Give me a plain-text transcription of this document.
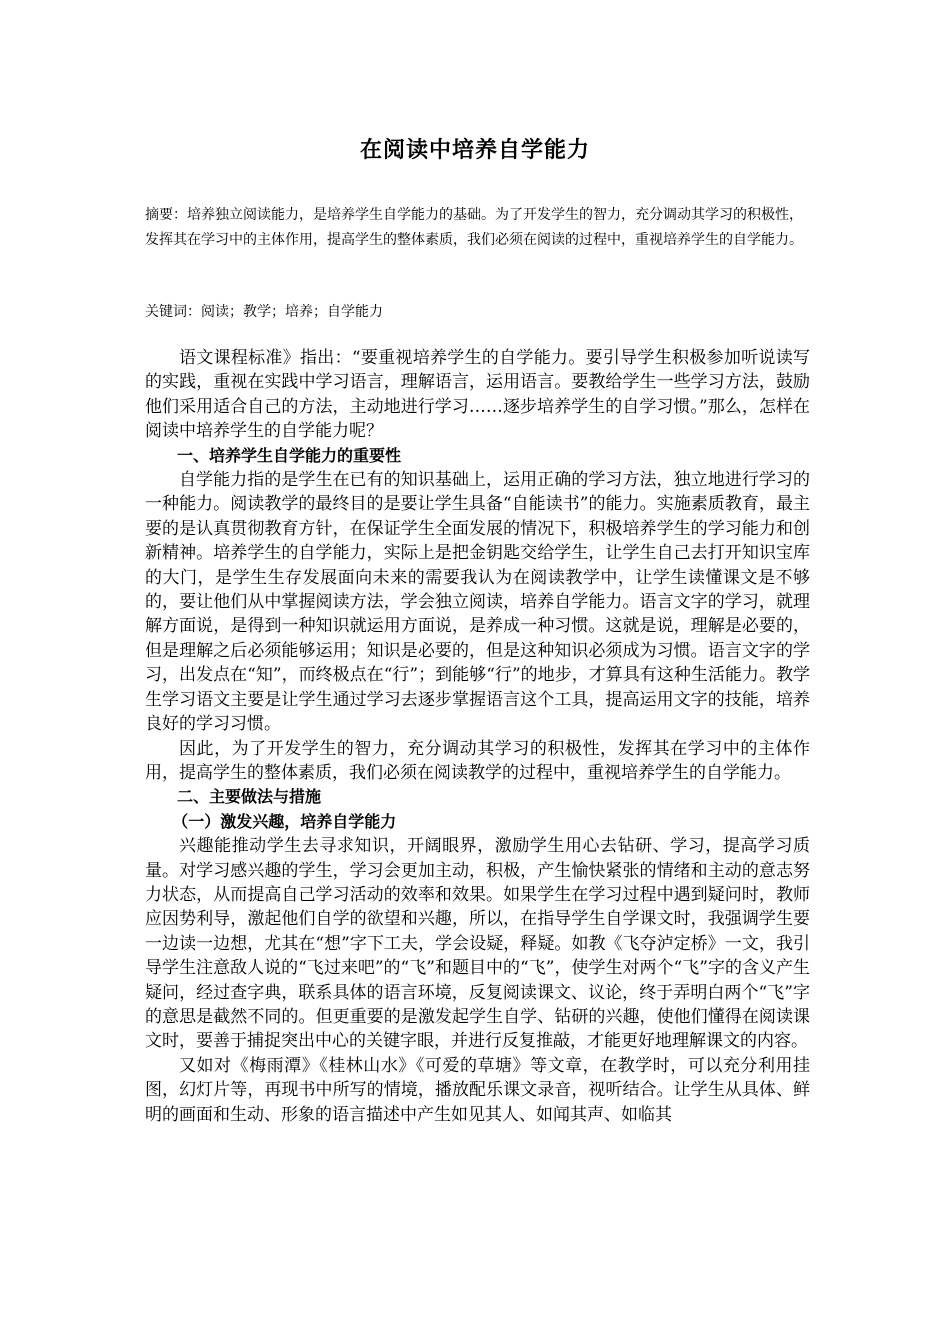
在阅读中培养自学能力
摘要：培养独立阅读能力，是培养学生自学能力的基础。为了开发学生的智力，充分调动其学习的积极性，发挥其在学习中的主体作用，提高学生的整体素质，我们必须在阅读的过程中，重视培养学生的自学能力。
关键词：阅读；教学；培养；自学能力

语文课程标准》指出：“要重视培养学生的自学能力。要引导学生积极参加听说读写的实践，重视在实践中学习语言，理解语言，运用语言。要教给学生一些学习方法，鼓励他们采用适合自己的方法，主动地进行学习……逐步培养学生的自学习惯。”那么，怎样在阅读中培养学生的自学能力呢？

一、培养学生自学能力的重要性

自学能力指的是学生在已有的知识基础上，运用正确的学习方法，独立地进行学习的一种能力。阅读教学的最终目的是要让学生具备“自能读书”的能力。实施素质教育，最主要的是认真贯彻教育方针，在保证学生全面发展的情况下，积极培养学生的学习能力和创新精神。培养学生的自学能力，实际上是把金钥匙交给学生，让学生自己去打开知识宝库的大门，是学生生存发展面向未来的需要我认为在阅读教学中，让学生读懂课文是不够的，要让他们从中掌握阅读方法，学会独立阅读，培养自学能力。语言文字的学习，就理解方面说，是得到一种知识就运用方面说，是养成一种习惯。这就是说，理解是必要的，但是理解之后必须能够运用；知识是必要的，但是这种知识必须成为习惯。语言文字的学习，出发点在“知”，而终极点在“行”；到能够“行”的地步，才算具有这种生活能力。教学生学习语文主要是让学生通过学习去逐步掌握语言这个工具，提高运用文字的技能，培养良好的学习习惯。

因此，为了开发学生的智力，充分调动其学习的积极性，发挥其在学习中的主体作用，提高学生的整体素质，我们必须在阅读教学的过程中，重视培养学生的自学能力。

二、主要做法与措施

（一）激发兴趣，培养自学能力

兴趣能推动学生去寻求知识，开阔眼界，激励学生用心去钻研、学习，提高学习质量。对学习感兴趣的学生，学习会更加主动，积极，产生愉快紧张的情绪和主动的意志努力状态，从而提高自己学习活动的效率和效果。如果学生在学习过程中遇到疑问时，教师应因势利导，激起他们自学的欲望和兴趣，所以，在指导学生自学课文时，我强调学生要一边读一边想，尤其在“想”字下工夫，学会设疑，释疑。如教《飞夺泸定桥》一文，我引导学生注意敌人说的“飞过来吧”的“飞”和题目中的“飞”，使学生对两个“飞”字的含义产生疑问，经过查字典，联系具体的语言环境，反复阅读课文、议论，终于弄明白两个“飞”字的意思是截然不同的。但更重要的是激发起学生自学、钻研的兴趣，使他们懂得在阅读课文时，要善于捕捉突出中心的关键字眼，并进行反复推敲，才能更好地理解课文的内容。

又如对《梅雨潭》《桂林山水》《可爱的草塘》等文章，在教学时，可以充分利用挂图，幻灯片等，再现书中所写的情境，播放配乐课文录音，视听结合。让学生从具体、鲜明的画面和生动、形象的语言描述中产生如见其人、如闻其声、如临其
